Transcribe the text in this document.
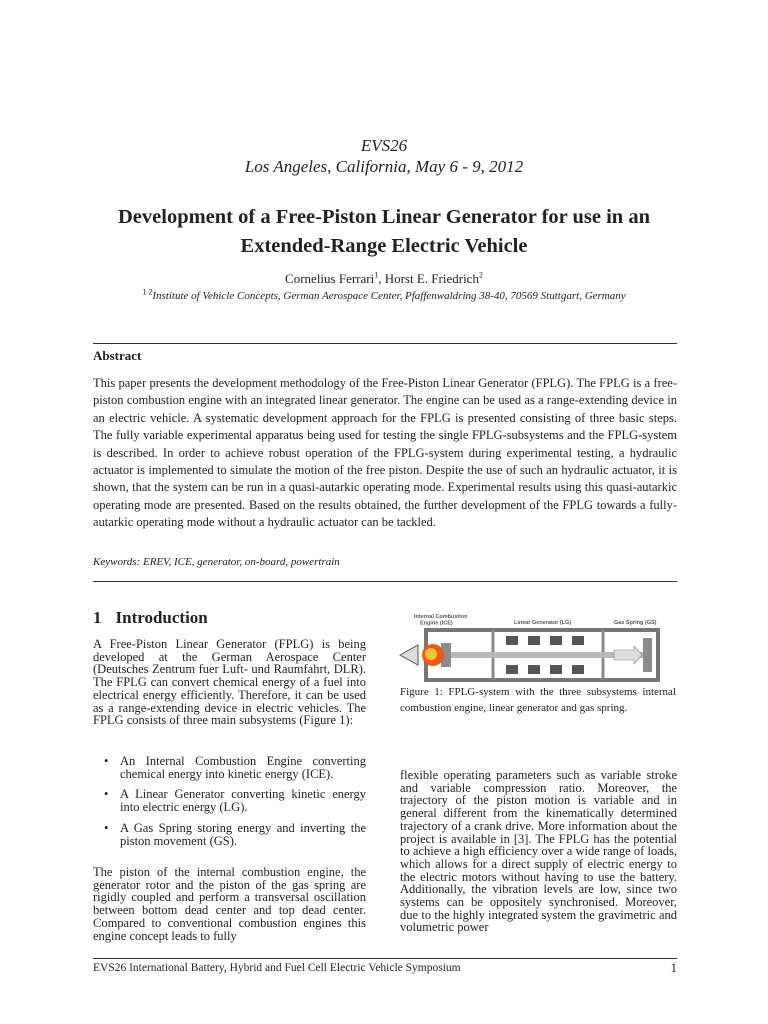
EVS26
Los Angeles, California, May 6 - 9, 2012
Development of a Free-Piston Linear Generator for use in an
Extended-Range Electric Vehicle
Cornelius Ferrari$^1$, Horst E. Friedrich$^2$
$^{1 2}$Institute of Vehicle Concepts, German Aerospace Center, Pfaffenwaldring 38-40, 70569 Stuttgart, Germany
Abstract
This paper presents the development methodology of the Free-Piston Linear Generator (FPLG). The FPLG is a free-piston combustion engine with an integrated linear generator. The engine can be used as a range-extending device in an electric vehicle. A systematic development approach for the FPLG is presented consisting of three basic steps. The fully variable experimental apparatus being used for testing the single FPLG-subsystems and the FPLG-system is described. In order to achieve robust operation of the FPLG-system during experimental testing, a hydraulic actuator is implemented to simulate the motion of the free piston. Despite the use of such an hydraulic actuator, it is shown, that the system can be run in a quasi-autarkic operating mode. Experimental results using this quasi-autarkic operating mode are presented. Based on the results obtained, the further development of the FPLG towards a fully-autarkic operating mode without a hydraulic actuator can be tackled.
Keywords: EREV, ICE, generator, on-board, powertrain
1 Introduction
A Free-Piston Linear Generator (FPLG) is being developed at the German Aerospace Center (Deutsches Zentrum fuer Luft- und Raumfahrt, DLR). The FPLG can convert chemical energy of a fuel into electrical energy efficiently. Therefore, it can be used as a range-extending device in electric vehicles. The FPLG consists of three main subsystems (Figure 1):
• An Internal Combustion Engine converting chemical energy into kinetic energy (ICE).
• A Linear Generator converting kinetic energy into electric energy (LG).
• A Gas Spring storing energy and inverting the piston movement (GS).
The piston of the internal combustion engine, the generator rotor and the piston of the gas spring are rigidly coupled and perform a transversal oscillation between bottom dead center and top dead center. Compared to conventional combustion engines this engine concept leads to fully
Internal Combustion
Engine (ICE)	Linear Generator (LG)	Gas Spring (GS)
Figure 1: FPLG-system with the three subsystems internal combustion engine, linear generator and gas spring.
flexible operating parameters such as variable stroke and variable compression ratio. Moreover, the trajectory of the piston motion is variable and in general different from the kinematically determined trajectory of a crank drive. More information about the project is available in [3]. The FPLG has the potential to achieve a high efficiency over a wide range of loads, which allows for a direct supply of electric energy to the electric motors without having to use the battery. Additionally, the vibration levels are low, since two systems can be oppositely synchronised. Moreover, due to the highly integrated system the gravimetric and volumetric power
EVS26 International Battery, Hybrid and Fuel Cell Electric Vehicle Symposium	1
